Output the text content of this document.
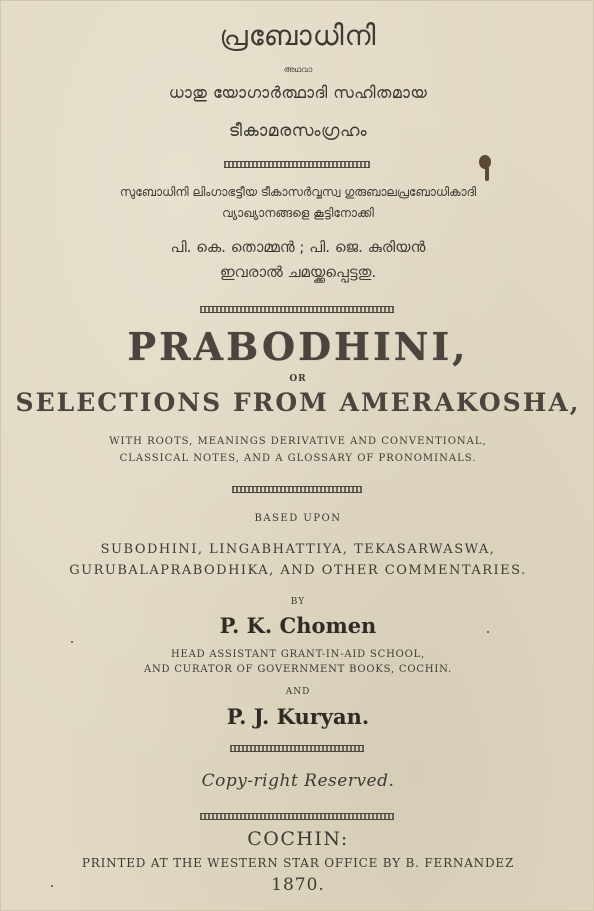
പ്രബോധിനി
അഥവാ
ധാതു യോഗാർത്ഥാദി സഹിതമായ
ടീകാമരസംഗ്രഹം
സുബോധിനി ലിംഗാഭട്ടീയ ടീകാസർവ്വസ്വ ഗുരുബാലപ്രബോധികാദി
വ്യാഖ്യാനങ്ങളെ കൂട്ടിനോക്കി
പി. കെ. തൊമ്മൻ ; പി. ജെ. കുരിയൻ
ഇവരാൽ ചമയ്ക്കപ്പെട്ടതു.
PRABODHINI,
OR
SELECTIONS FROM AMERAKOSHA,
WITH ROOTS, MEANINGS DERIVATIVE AND CONVENTIONAL,
CLASSICAL NOTES, AND A GLOSSARY OF PRONOMINALS.
BASED UPON
SUBODHINI, LINGABHATTIYA, TEKASARWASWA,
GURUBALAPRABODHIKA, AND OTHER COMMENTARIES.
BY
P. K. Chomen
HEAD ASSISTANT GRANT-IN-AID SCHOOL,
AND CURATOR OF GOVERNMENT BOOKS, COCHIN.
AND
P. J. Kuryan.
Copy-right Reserved.
COCHIN:
PRINTED AT THE WESTERN STAR OFFICE BY B. FERNANDEZ
1870.
